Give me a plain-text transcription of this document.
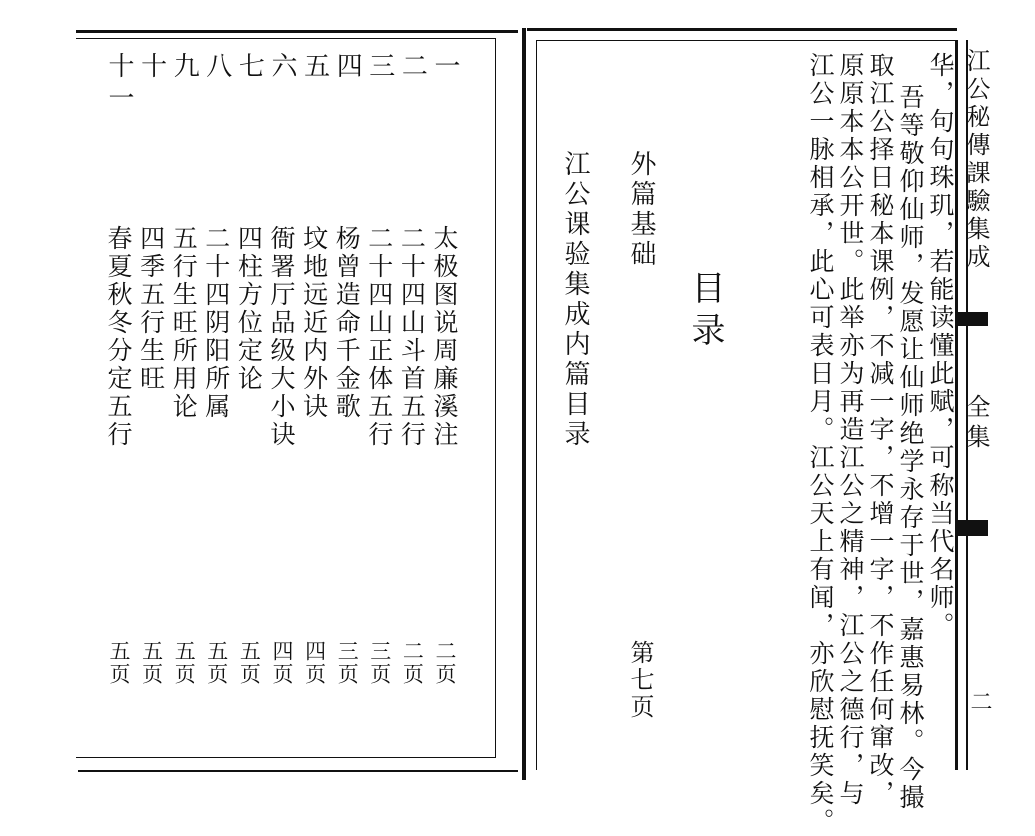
一
太极图说周廉溪注
二页
二
二十四山斗首五行
二页
三
二十四山正体五行
三页
四
杨曾造命千金歌
三页
五
坟地远近内外诀
四页
六
衙署厅品级大小诀
四页
七
四柱方位定论
五页
八
二十四阴阳所属
五页
九
五行生旺所用论
五页
十
四季五行生旺
五页
十一
春夏秋冬分定五行
五页
目录
外篇基础
第七页
江公课验集成内篇目录	华，句句珠玑，若能读懂此赋，可称当代名师。
吾等敬仰仙师，发愿让仙师绝学永存于世，嘉惠易林。今撮
取江公择日秘本课例，不减一字，不增一字，不作任何窜改，
原原本本公开世。此举亦为再造江公之精神，江公之德行，与
江公一脉相承，此心可表日月。江公天上有闻，亦欣慰抚笑矣。	江公秘傳課驗集成
全集
二
